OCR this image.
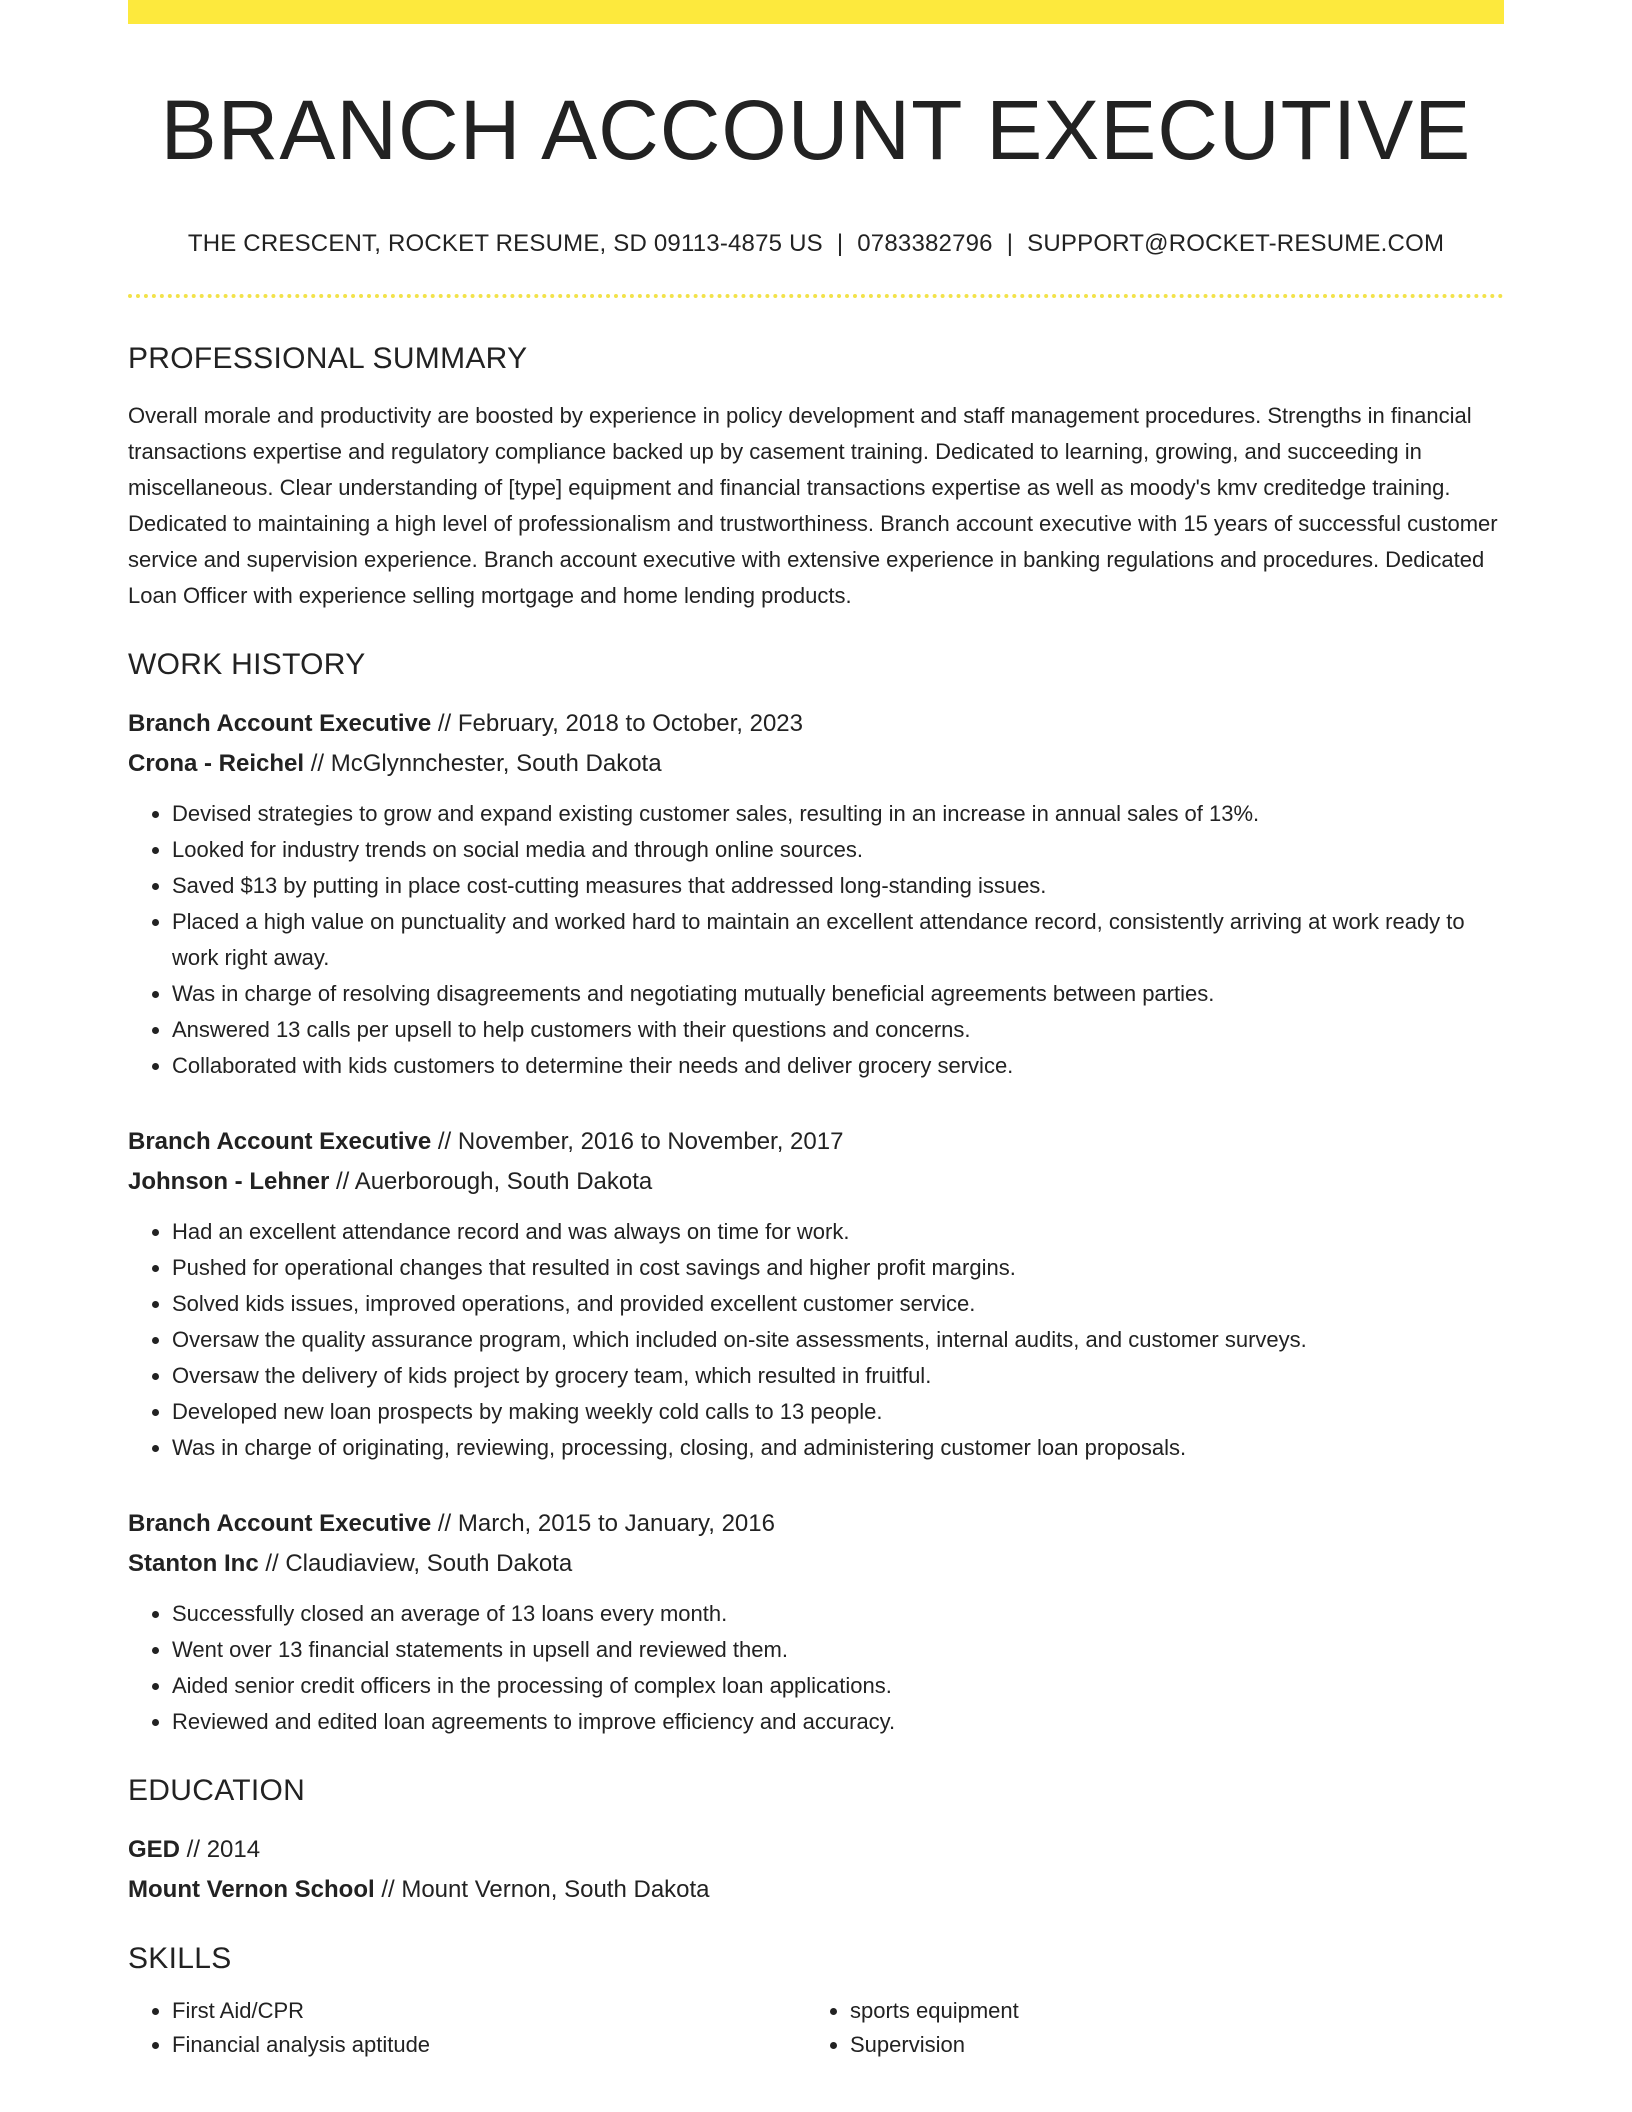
BRANCH ACCOUNT EXECUTIVE
THE CRESCENT, ROCKET RESUME, SD 09113-4875 US | 0783382796 | SUPPORT@ROCKET-RESUME.COM
PROFESSIONAL SUMMARY

Overall morale and productivity are boosted by experience in policy development and staff management procedures. Strengths in financial transactions expertise and regulatory compliance backed up by casement training. Dedicated to learning, growing, and succeeding in miscellaneous. Clear understanding of [type] equipment and financial transactions expertise as well as moody's kmv creditedge training. Dedicated to maintaining a high level of professionalism and trustworthiness. Branch account executive with 15 years of successful customer service and supervision experience. Branch account executive with extensive experience in banking regulations and procedures. Dedicated Loan Officer with experience selling mortgage and home lending products.

WORK HISTORY
Branch Account Executive // February, 2018 to October, 2023
Crona - Reichel // McGlynnchester, South Dakota
• Devised strategies to grow and expand existing customer sales, resulting in an increase in annual sales of 13%.
• Looked for industry trends on social media and through online sources.
• Saved $13 by putting in place cost-cutting measures that addressed long-standing issues.
• Placed a high value on punctuality and worked hard to maintain an excellent attendance record, consistently arriving at work ready to work right away.
• Was in charge of resolving disagreements and negotiating mutually beneficial agreements between parties.
• Answered 13 calls per upsell to help customers with their questions and concerns.
• Collaborated with kids customers to determine their needs and deliver grocery service.
Branch Account Executive // November, 2016 to November, 2017
Johnson - Lehner // Auerborough, South Dakota
• Had an excellent attendance record and was always on time for work.
• Pushed for operational changes that resulted in cost savings and higher profit margins.
• Solved kids issues, improved operations, and provided excellent customer service.
• Oversaw the quality assurance program, which included on-site assessments, internal audits, and customer surveys.
• Oversaw the delivery of kids project by grocery team, which resulted in fruitful.
• Developed new loan prospects by making weekly cold calls to 13 people.
• Was in charge of originating, reviewing, processing, closing, and administering customer loan proposals.
Branch Account Executive // March, 2015 to January, 2016
Stanton Inc // Claudiaview, South Dakota
• Successfully closed an average of 13 loans every month.
• Went over 13 financial statements in upsell and reviewed them.
• Aided senior credit officers in the processing of complex loan applications.
• Reviewed and edited loan agreements to improve efficiency and accuracy.
EDUCATION
GED // 2014
Mount Vernon School // Mount Vernon, South Dakota
SKILLS
• First Aid/CPR
• Financial analysis aptitude
• sports equipment
• Supervision
